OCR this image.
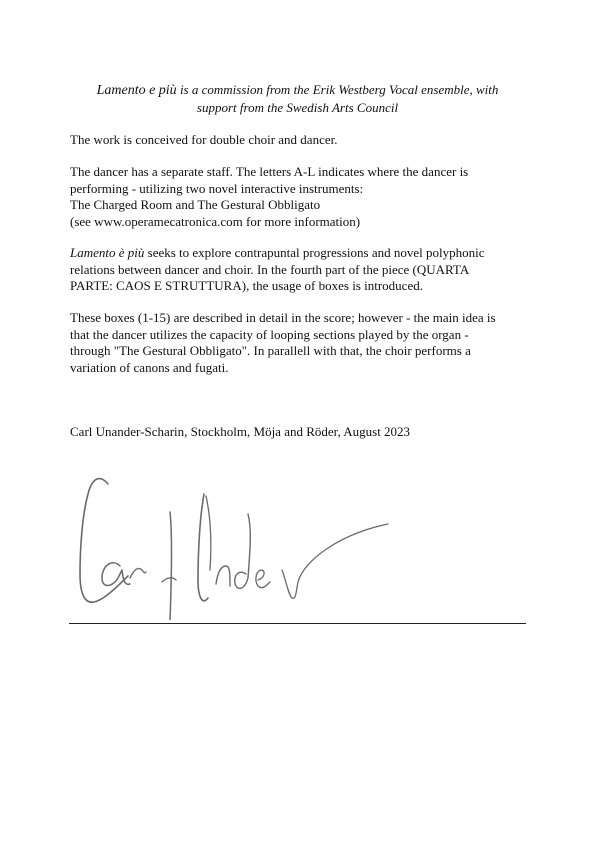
Lamento e più is a commission from the Erik Westberg Vocal ensemble, with
support from the Swedish Arts Council
The work is conceived for double choir and dancer.
The dancer has a separate staff. The letters A-L indicates where the dancer is
performing - utilizing two novel interactive instruments:
The Charged Room and The Gestural Obbligato
(see www.operamecatronica.com for more information)
Lamento è più seeks to explore contrapuntal progressions and novel polyphonic
relations between dancer and choir. In the fourth part of the piece (QUARTA
PARTE: CAOS E STRUTTURA), the usage of boxes is introduced.
These boxes (1-15) are described in detail in the score; however - the main idea is
that the dancer utilizes the capacity of looping sections played by the organ -
through "The Gestural Obbligato". In parallell with that, the choir performs a
variation of canons and fugati.
Carl Unander-Scharin, Stockholm, Möja and Röder, August 2023
